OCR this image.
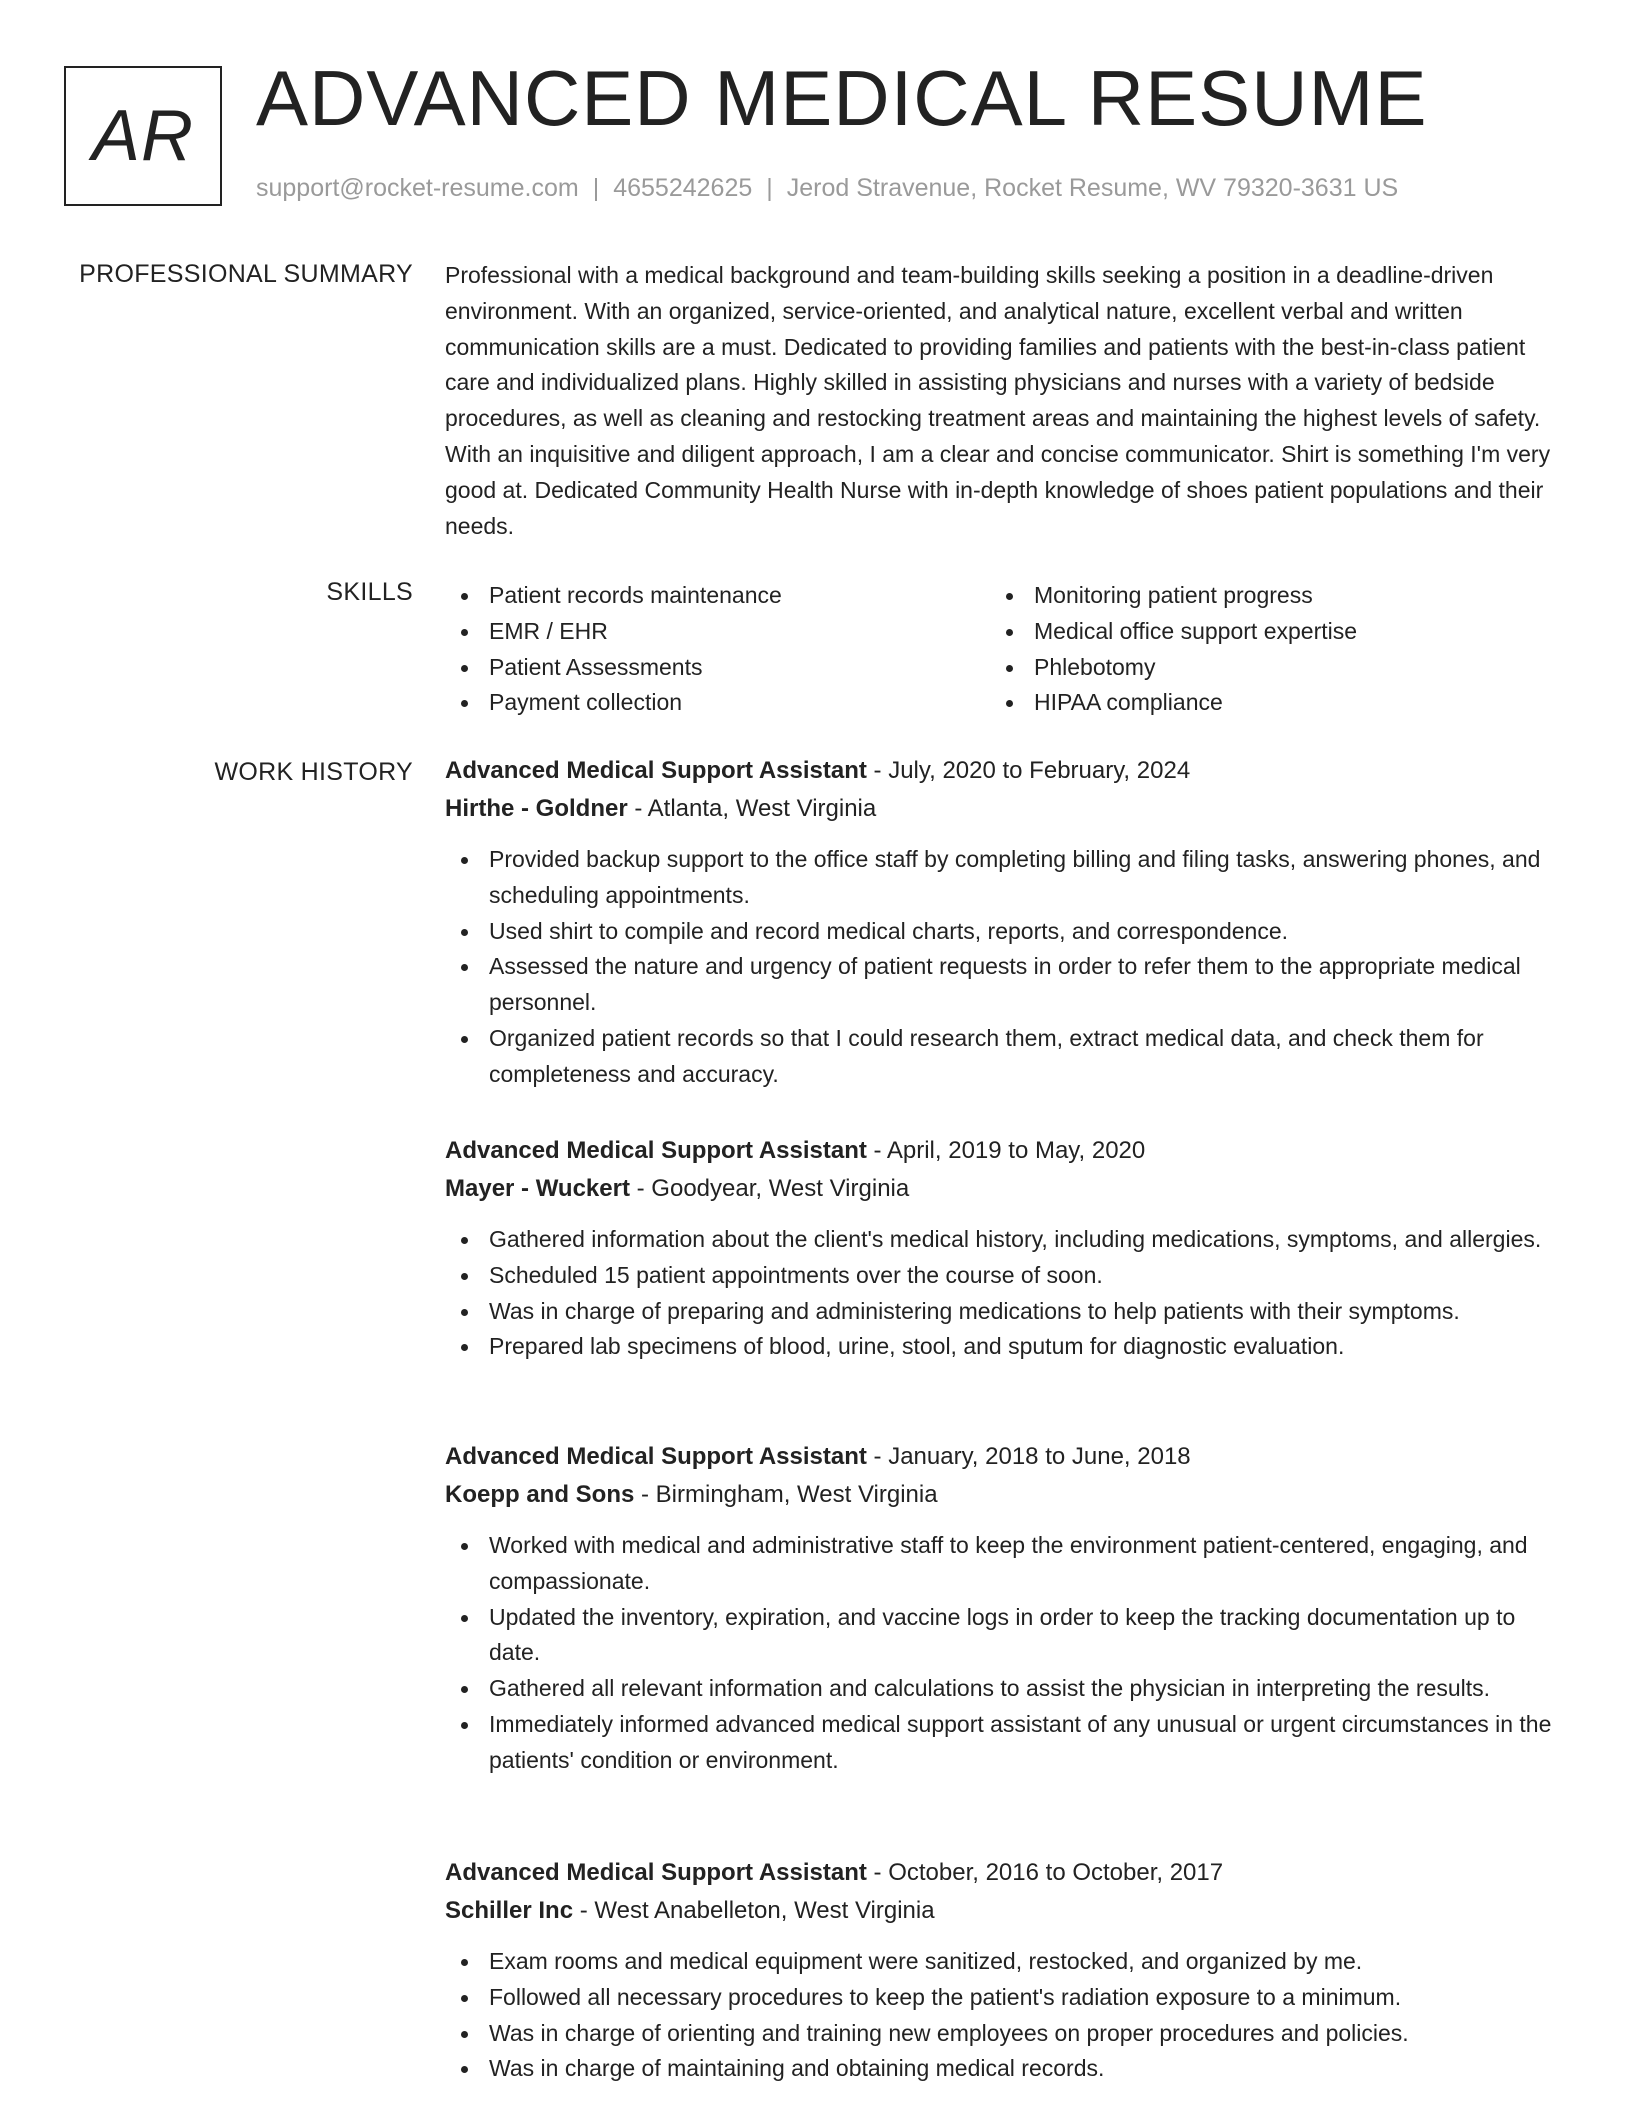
AR ADVANCED MEDICAL RESUME
support@rocket-resume.com | 4655242625 | Jerod Stravenue, Rocket Resume, WV 79320-3631 US
PROFESSIONAL SUMMARY Professional with a medical background and team-building skills seeking a position in a deadline-driven environment. With an organized, service-oriented, and analytical nature, excellent verbal and written communication skills are a must. Dedicated to providing families and patients with the best-in-class patient care and individualized plans. Highly skilled in assisting physicians and nurses with a variety of bedside procedures, as well as cleaning and restocking treatment areas and maintaining the highest levels of safety. With an inquisitive and diligent approach, I am a clear and concise communicator. Shirt is something I'm very good at. Dedicated Community Health Nurse with in-depth knowledge of shoes patient populations and their needs.

SKILLS	Patient records maintenance
EMR / EHR
Patient Assessments
Payment collection
Monitoring patient progress
Medical office support expertise
Phlebotomy
HIPAA compliance
WORK HISTORY Advanced Medical Support Assistant - July, 2020 to February, 2024
Hirthe - Goldner - Atlanta, West Virginia
Provided backup support to the office staff by completing billing and filing tasks, answering phones, and scheduling appointments.
Used shirt to compile and record medical charts, reports, and correspondence.
Assessed the nature and urgency of patient requests in order to refer them to the appropriate medical personnel.
Organized patient records so that I could research them, extract medical data, and check them for completeness and accuracy.
Advanced Medical Support Assistant - April, 2019 to May, 2020
Mayer - Wuckert - Goodyear, West Virginia
Gathered information about the client's medical history, including medications, symptoms, and allergies.
Scheduled 15 patient appointments over the course of soon.
Was in charge of preparing and administering medications to help patients with their symptoms.
Prepared lab specimens of blood, urine, stool, and sputum for diagnostic evaluation.
Advanced Medical Support Assistant - January, 2018 to June, 2018
Koepp and Sons - Birmingham, West Virginia
Worked with medical and administrative staff to keep the environment patient-centered, engaging, and compassionate.
Updated the inventory, expiration, and vaccine logs in order to keep the tracking documentation up to date.
Gathered all relevant information and calculations to assist the physician in interpreting the results.
Immediately informed advanced medical support assistant of any unusual or urgent circumstances in the patients' condition or environment.
Advanced Medical Support Assistant - October, 2016 to October, 2017
Schiller Inc - West Anabelleton, West Virginia
Exam rooms and medical equipment were sanitized, restocked, and organized by me.
Followed all necessary procedures to keep the patient's radiation exposure to a minimum.
Was in charge of orienting and training new employees on proper procedures and policies.
Was in charge of maintaining and obtaining medical records.
